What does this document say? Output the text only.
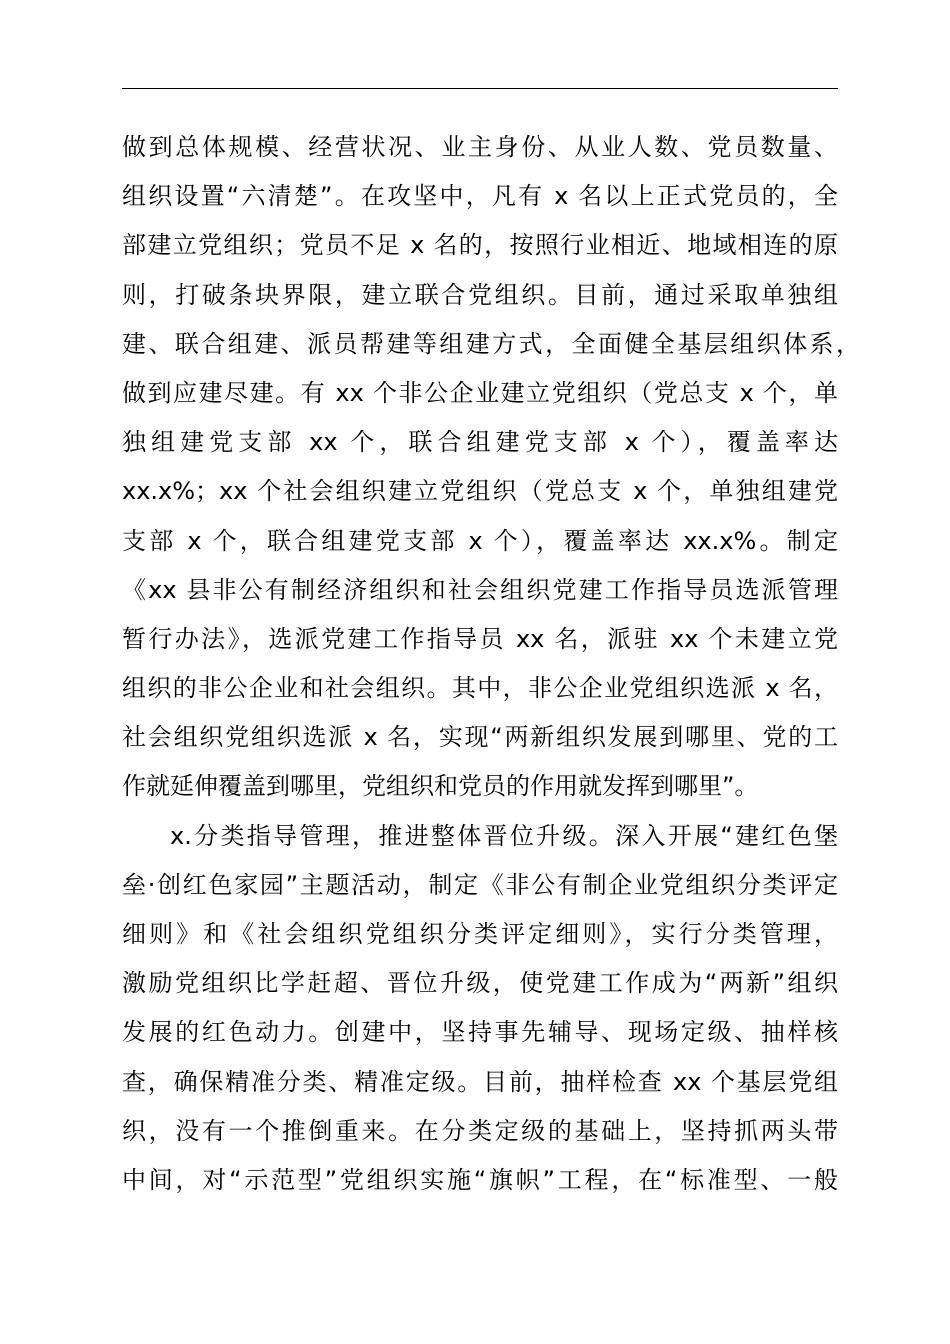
做到总体规模、经营状况、业主身份、从业人数、党员数量、
组织设置“六清楚”。在攻坚中，凡有 x 名以上正式党员的，全
部建立党组织；党员不足 x 名的，按照行业相近、地域相连的原
则，打破条块界限，建立联合党组织。目前，通过采取单独组
建、联合组建、派员帮建等组建方式，全面健全基层组织体系，
做到应建尽建。有 xx 个非公企业建立党组织（党总支 x 个，单
独组建党支部 xx 个，联合组建党支部 x 个），覆盖率达
xx.x%；xx 个社会组织建立党组织（党总支 x 个，单独组建党
支部 x 个，联合组建党支部 x 个），覆盖率达 xx.x%。制定
《xx 县非公有制经济组织和社会组织党建工作指导员选派管理
暂行办法》，选派党建工作指导员 xx 名，派驻 xx 个未建立党
组织的非公企业和社会组织。其中，非公企业党组织选派 x 名，
社会组织党组织选派 x 名，实现“两新组织发展到哪里、党的工
作就延伸覆盖到哪里，党组织和党员的作用就发挥到哪里”。
x.分类指导管理，推进整体晋位升级。深入开展“建红色堡
垒·创红色家园”主题活动，制定《非公有制企业党组织分类评定
细则》和《社会组织党组织分类评定细则》，实行分类管理，
激励党组织比学赶超、晋位升级，使党建工作成为“两新”组织
发展的红色动力。创建中，坚持事先辅导、现场定级、抽样核
查，确保精准分类、精准定级。目前，抽样检查 xx 个基层党组
织，没有一个推倒重来。在分类定级的基础上，坚持抓两头带
中间，对“示范型”党组织实施“旗帜”工程，在“标准型、一般
